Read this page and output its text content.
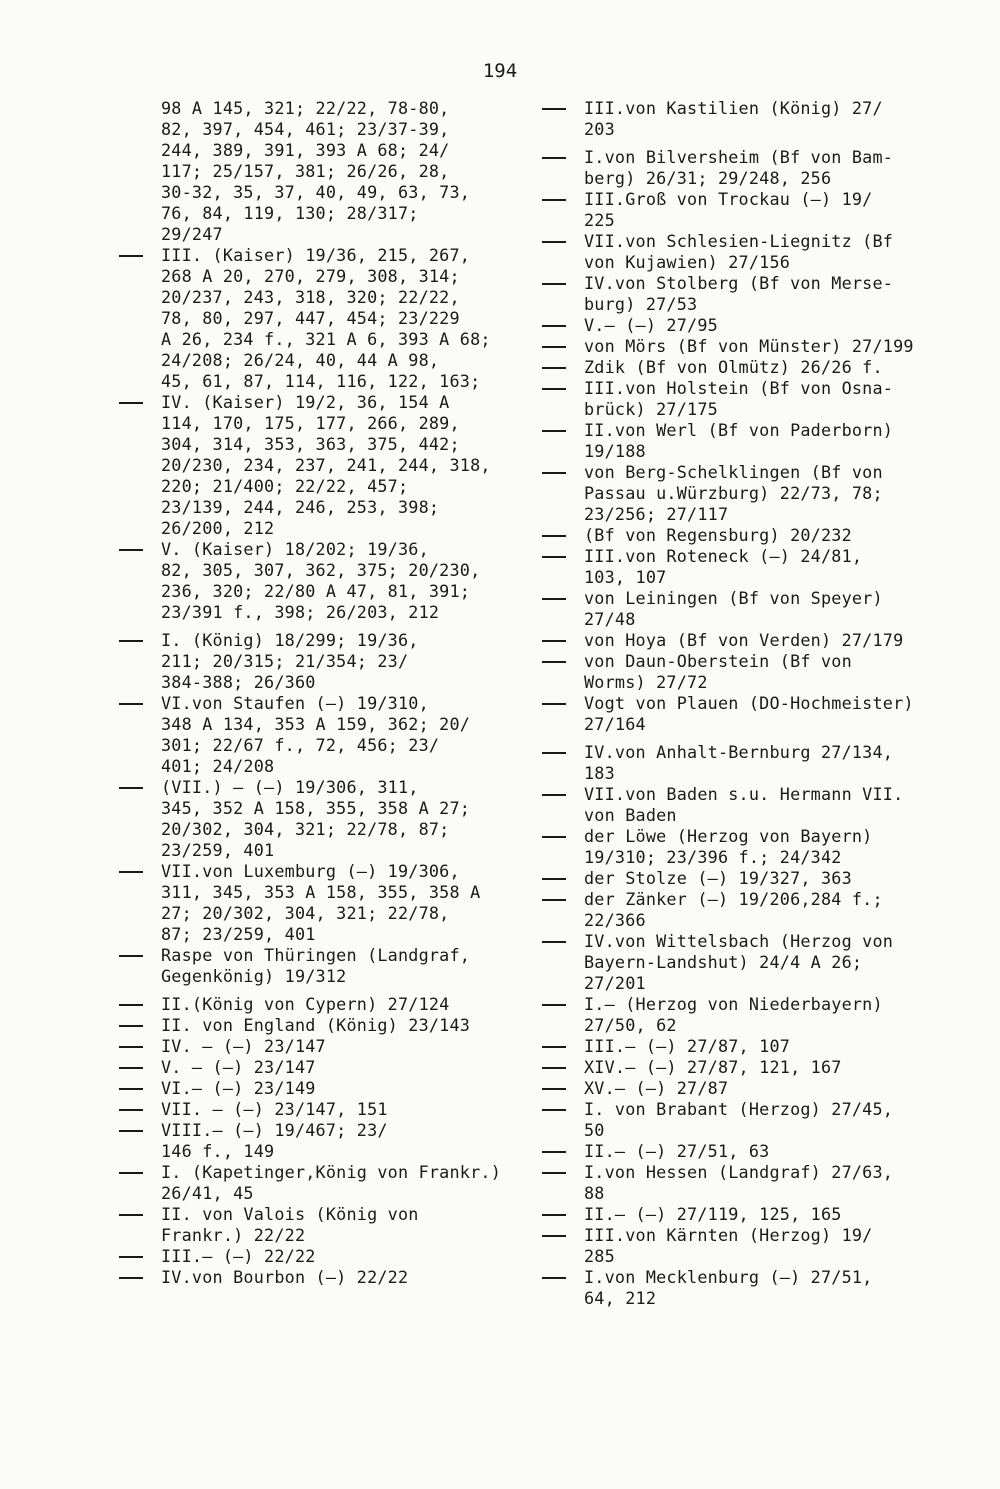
194

98 A 145, 321; 22/22, 78-80,
82, 397, 454, 461; 23/37-39,
244, 389, 391, 393 A 68; 24/
117; 25/157, 381; 26/26, 28,
30-32, 35, 37, 40, 49, 63, 73,
76, 84, 119, 130; 28/317;
29/247

III. (Kaiser) 19/36, 215, 267,
268 A 20, 270, 279, 308, 314;
20/237, 243, 318, 320; 22/22,
78, 80, 297, 447, 454; 23/229
A 26, 234 f., 321 A 6, 393 A 68;
24/208; 26/24, 40, 44 A 98,
45, 61, 87, 114, 116, 122, 163;

IV. (Kaiser) 19/2, 36, 154 A
114, 170, 175, 177, 266, 289,
304, 314, 353, 363, 375, 442;
20/230, 234, 237, 241, 244, 318,
220; 21/400; 22/22, 457;
23/139, 244, 246, 253, 398;
26/200, 212

V. (Kaiser) 18/202; 19/36,
82, 305, 307, 362, 375; 20/230,
236, 320; 22/80 A 47, 81, 391;
23/391 f., 398; 26/203, 212

I. (König) 18/299; 19/36,
211; 20/315; 21/354; 23/
384-388; 26/360

VI.von Staufen (—) 19/310,
348 A 134, 353 A 159, 362; 20/
301; 22/67 f., 72, 456; 23/
401; 24/208

(VII.) — (—) 19/306, 311,
345, 352 A 158, 355, 358 A 27;
20/302, 304, 321; 22/78, 87;
23/259, 401

VII.von Luxemburg (—) 19/306,
311, 345, 353 A 158, 355, 358 A
27; 20/302, 304, 321; 22/78,
87; 23/259, 401

Raspe von Thüringen (Landgraf,
Gegenkönig) 19/312

II.(König von Cypern) 27/124

II. von England (König) 23/143

IV. — (—) 23/147

V. — (—) 23/147

VI.— (—) 23/149

VII. — (—) 23/147, 151

VIII.— (—) 19/467; 23/
146 f., 149

I. (Kapetinger,König von Frankr.)
26/41, 45

II. von Valois (König von
Frankr.) 22/22

III.— (—) 22/22

IV.von Bourbon (—) 22/22

III.von Kastilien (König) 27/
203

I.von Bilversheim (Bf von Bam-
berg) 26/31; 29/248, 256

III.Groß von Trockau (—) 19/
225

VII.von Schlesien-Liegnitz (Bf
von Kujawien) 27/156

IV.von Stolberg (Bf von Merse-
burg) 27/53

V.— (—) 27/95

von Mörs (Bf von Münster) 27/199

Zdik (Bf von Olmütz) 26/26 f.

III.von Holstein (Bf von Osna-
brück) 27/175

II.von Werl (Bf von Paderborn)
19/188

von Berg-Schelklingen (Bf von
Passau u.Würzburg) 22/73, 78;
23/256; 27/117

(Bf von Regensburg) 20/232

III.von Roteneck (—) 24/81,
103, 107

von Leiningen (Bf von Speyer) 27/48

von Hoya (Bf von Verden) 27/179

von Daun-Oberstein (Bf von
Worms) 27/72

Vogt von Plauen (DO-Hochmeister)
27/164

IV.von Anhalt-Bernburg 27/134,
183

VII.von Baden s.u. Hermann VII.
von Baden

der Löwe (Herzog von Bayern)
19/310; 23/396 f.; 24/342

der Stolze (—) 19/327, 363

der Zänker (—) 19/206,284 f.;
22/366

IV.von Wittelsbach (Herzog von
Bayern-Landshut) 24/4 A 26;
27/201

I.— (Herzog von Niederbayern)
27/50, 62

III.— (—) 27/87, 107

XIV.— (—) 27/87, 121, 167

XV.— (—) 27/87

I. von Brabant (Herzog) 27/45,
50

II.— (—) 27/51, 63

I.von Hessen (Landgraf) 27/63,
88

II.— (—) 27/119, 125, 165

III.von Kärnten (Herzog) 19/
285

I.von Mecklenburg (—) 27/51,
64, 212
